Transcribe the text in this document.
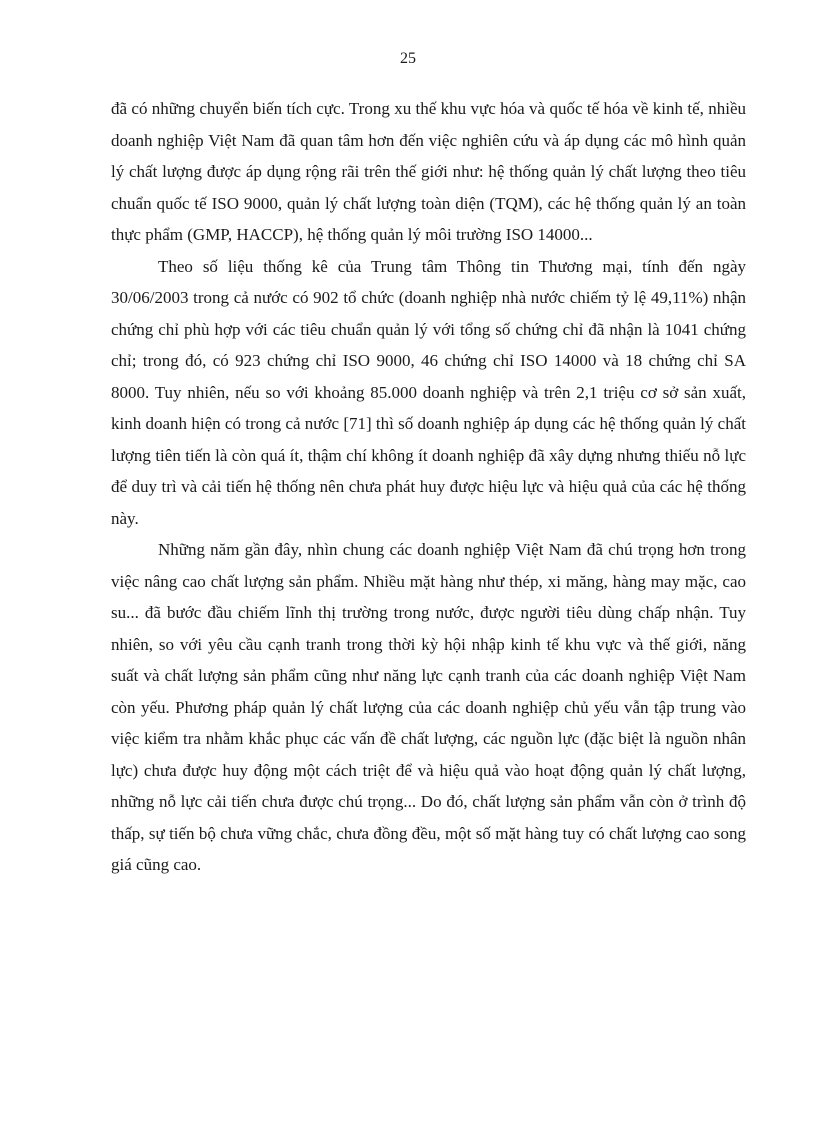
25

đã có những chuyển biến tích cực. Trong xu thế khu vực hóa và quốc tế hóa về kinh tế, nhiều doanh nghiệp Việt Nam đã quan tâm hơn đến việc nghiên cứu và áp dụng các mô hình quản lý chất lượng được áp dụng rộng rãi trên thế giới như: hệ thống quản lý chất lượng theo tiêu chuẩn quốc tế ISO 9000, quản lý chất lượng toàn diện (TQM), các hệ thống quản lý an toàn thực phẩm (GMP, HACCP), hệ thống quản lý môi trường ISO 14000...

Theo số liệu thống kê của Trung tâm Thông tin Thương mại, tính đến ngày 30/06/2003 trong cả nước có 902 tổ chức (doanh nghiệp nhà nước chiếm tỷ lệ 49,11%) nhận chứng chỉ phù hợp với các tiêu chuẩn quản lý với tổng số chứng chỉ đã nhận là 1041 chứng chỉ; trong đó, có 923 chứng chỉ ISO 9000, 46 chứng chỉ ISO 14000 và 18 chứng chỉ SA 8000. Tuy nhiên, nếu so với khoảng 85.000 doanh nghiệp và trên 2,1 triệu cơ sở sản xuất, kinh doanh hiện có trong cả nước [71] thì số doanh nghiệp áp dụng các hệ thống quản lý chất lượng tiên tiến là còn quá ít, thậm chí không ít doanh nghiệp đã xây dựng nhưng thiếu nỗ lực để duy trì và cải tiến hệ thống nên chưa phát huy được hiệu lực và hiệu quả của các hệ thống này.

Những năm gần đây, nhìn chung các doanh nghiệp Việt Nam đã chú trọng hơn trong việc nâng cao chất lượng sản phẩm. Nhiều mặt hàng như thép, xi măng, hàng may mặc, cao su... đã bước đầu chiếm lĩnh thị trường trong nước, được người tiêu dùng chấp nhận. Tuy nhiên, so với yêu cầu cạnh tranh trong thời kỳ hội nhập kinh tế khu vực và thế giới, năng suất và chất lượng sản phẩm cũng như năng lực cạnh tranh của các doanh nghiệp Việt Nam còn yếu. Phương pháp quản lý chất lượng của các doanh nghiệp chủ yếu vẫn tập trung vào việc kiểm tra nhằm khắc phục các vấn đề chất lượng, các nguồn lực (đặc biệt là nguồn nhân lực) chưa được huy động một cách triệt để và hiệu quả vào hoạt động quản lý chất lượng, những nỗ lực cải tiến chưa được chú trọng... Do đó, chất lượng sản phẩm vẫn còn ở trình độ thấp, sự tiến bộ chưa vững chắc, chưa đồng đều, một số mặt hàng tuy có chất lượng cao song giá cũng cao.
